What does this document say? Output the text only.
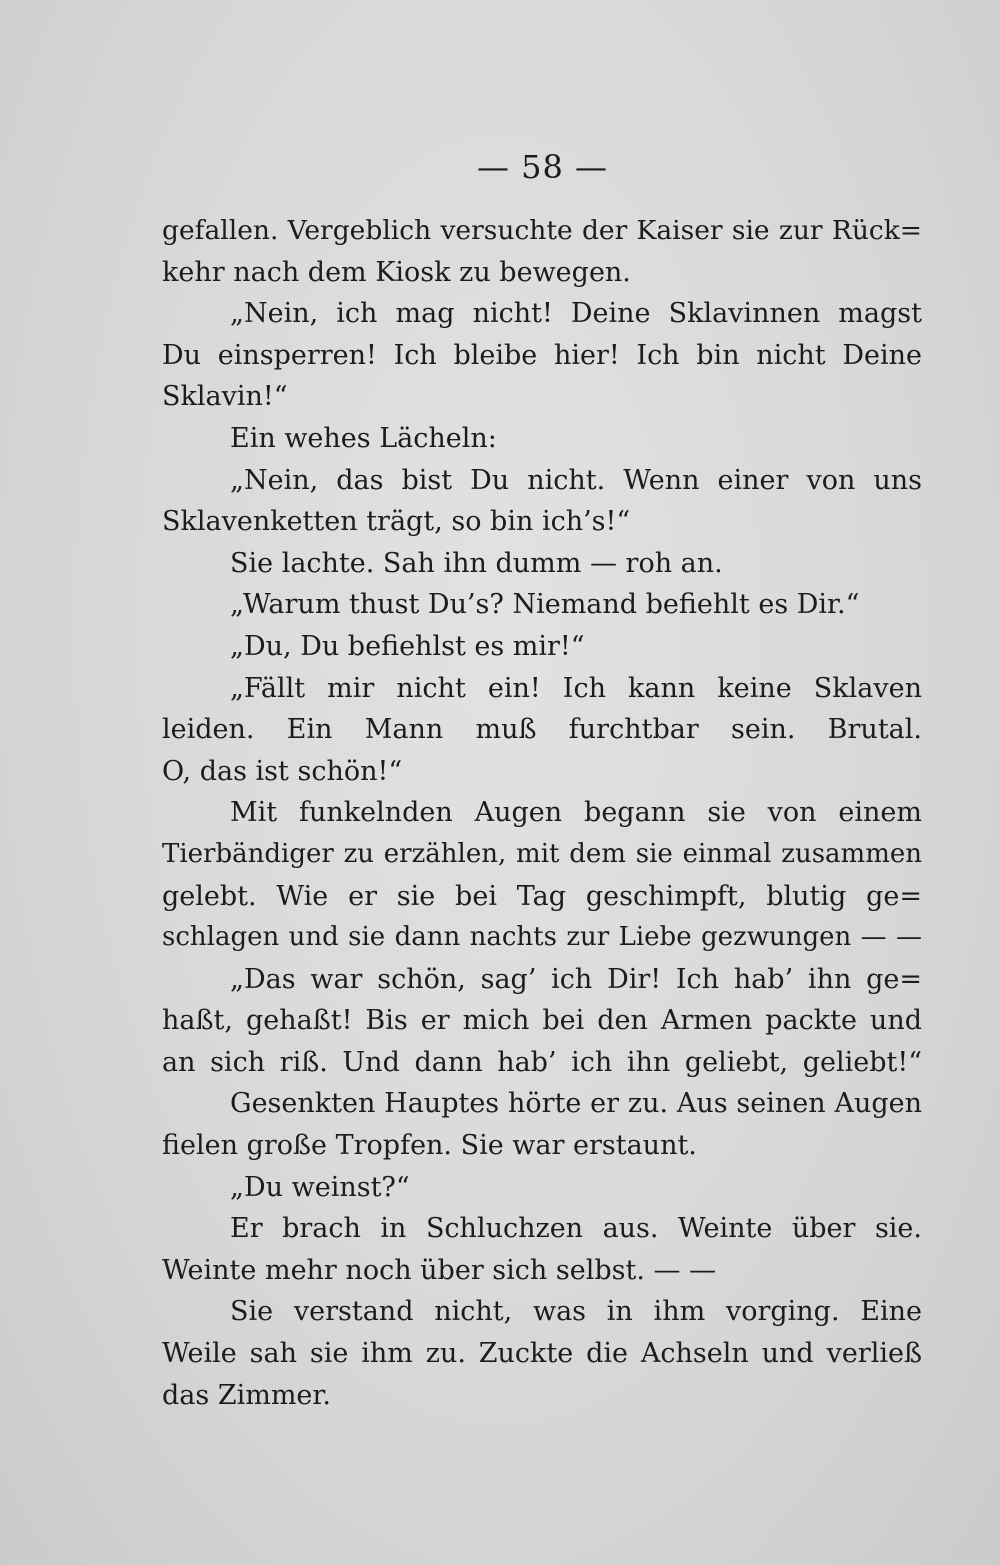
— 58 —
gefallen. Vergeblich versuchte der Kaiser sie zur Rück=
kehr nach dem Kiosk zu bewegen.
„Nein, ich mag nicht! Deine Sklavinnen magst
Du einsperren! Ich bleibe hier! Ich bin nicht Deine
Sklavin!“
Ein wehes Lächeln:
„Nein, das bist Du nicht. Wenn einer von uns
Sklavenketten trägt, so bin ich’s!“
Sie lachte. Sah ihn dumm — roh an.
„Warum thust Du’s? Niemand befiehlt es Dir.“
„Du, Du befiehlst es mir!“
„Fällt mir nicht ein! Ich kann keine Sklaven
leiden. Ein Mann muß furchtbar sein. Brutal.
O, das ist schön!“
Mit funkelnden Augen begann sie von einem
Tierbändiger zu erzählen, mit dem sie einmal zusammen
gelebt. Wie er sie bei Tag geschimpft, blutig ge=
schlagen und sie dann nachts zur Liebe gezwungen — —
„Das war schön, sag’ ich Dir! Ich hab’ ihn ge=
haßt, gehaßt! Bis er mich bei den Armen packte und
an sich riß. Und dann hab’ ich ihn geliebt, geliebt!“
Gesenkten Hauptes hörte er zu. Aus seinen Augen
fielen große Tropfen. Sie war erstaunt.
„Du weinst?“
Er brach in Schluchzen aus. Weinte über sie.
Weinte mehr noch über sich selbst. — —
Sie verstand nicht, was in ihm vorging. Eine
Weile sah sie ihm zu. Zuckte die Achseln und verließ
das Zimmer.
